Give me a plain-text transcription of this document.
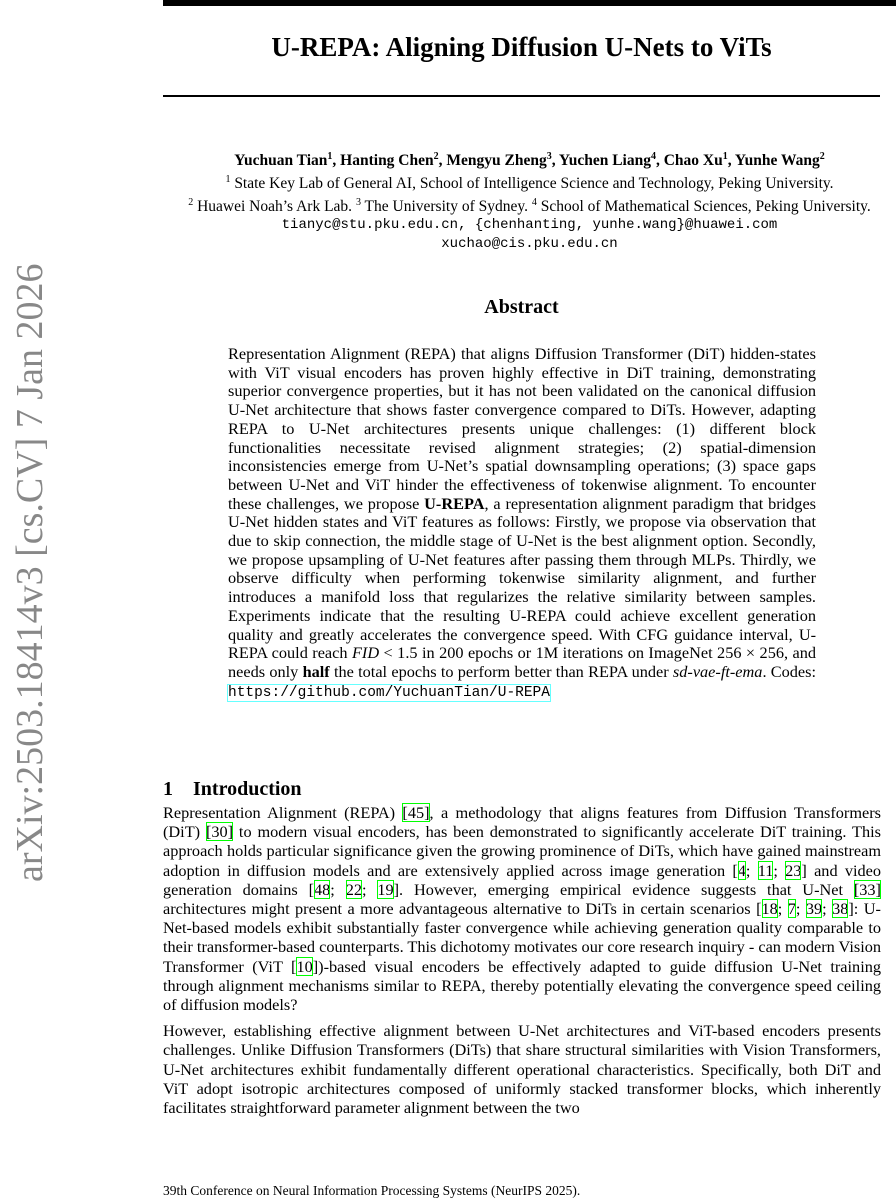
arXiv:2503.18414v3 [cs.CV] 7 Jan 2026
U-REPA: Aligning Diffusion U-Nets to ViTs
Yuchuan Tian$^1$, Hanting Chen$^2$, Mengyu Zheng$^3$, Yuchen Liang$^4$, Chao Xu$^1$, Yunhe Wang$^2$
$^1$ State Key Lab of General AI, School of Intelligence Science and Technology, Peking University.
$^2$ Huawei Noah’s Ark Lab. $^3$ The University of Sydney. $^4$ School of Mathematical Sciences, Peking University.
tianyc@stu.pku.edu.cn, {chenhanting, yunhe.wang}@huawei.com
xuchao@cis.pku.edu.cn
Abstract
Representation Alignment (REPA) that aligns Diffusion Transformer (DiT) hidden-states with ViT visual encoders has proven highly effective in DiT training, demonstrating superior convergence properties, but it has not been validated on the canonical diffusion U-Net architecture that shows faster convergence compared to DiTs. However, adapting REPA to U-Net architectures presents unique challenges: (1) different block functionalities necessitate revised alignment strategies; (2) spatial-dimension inconsistencies emerge from U-Net’s spatial downsampling operations; (3) space gaps between U-Net and ViT hinder the effectiveness of tokenwise alignment. To encounter these challenges, we propose U-REPA, a representation alignment paradigm that bridges U-Net hidden states and ViT features as follows: Firstly, we propose via observation that due to skip connection, the middle stage of U-Net is the best alignment option. Secondly, we propose upsampling of U-Net features after passing them through MLPs. Thirdly, we observe difficulty when performing tokenwise similarity alignment, and further introduces a manifold loss that regularizes the relative similarity between samples. Experiments indicate that the resulting U-REPA could achieve excellent generation quality and greatly accelerates the convergence speed. With CFG guidance interval, U-REPA could reach FID < 1.5 in 200 epochs or 1M iterations on ImageNet 256 × 256, and needs only half the total epochs to perform better than REPA under sd-vae-ft-ema. Codes: https://github.com/YuchuanTian/U-REPA
1 Introduction

Representation Alignment (REPA) [45], a methodology that aligns features from Diffusion Transformers (DiT) [30] to modern visual encoders, has been demonstrated to significantly accelerate DiT training. This approach holds particular significance given the growing prominence of DiTs, which have gained mainstream adoption in diffusion models and are extensively applied across image generation [4; 11; 23] and video generation domains [48; 22; 19]. However, emerging empirical evidence suggests that U-Net [33] architectures might present a more advantageous alternative to DiTs in certain scenarios [18; 7; 39; 38]: U-Net-based models exhibit substantially faster convergence while achieving generation quality comparable to their transformer-based counterparts. This dichotomy motivates our core research inquiry - can modern Vision Transformer (ViT [10])-based visual encoders be effectively adapted to guide diffusion U-Net training through alignment mechanisms similar to REPA, thereby potentially elevating the convergence speed ceiling of diffusion models?

However, establishing effective alignment between U-Net architectures and ViT-based encoders presents challenges. Unlike Diffusion Transformers (DiTs) that share structural similarities with Vision Transformers, U-Net architectures exhibit fundamentally different operational characteristics. Specifically, both DiT and ViT adopt isotropic architectures composed of uniformly stacked transformer blocks, which inherently facilitates straightforward parameter alignment between the two

39th Conference on Neural Information Processing Systems (NeurIPS 2025).
